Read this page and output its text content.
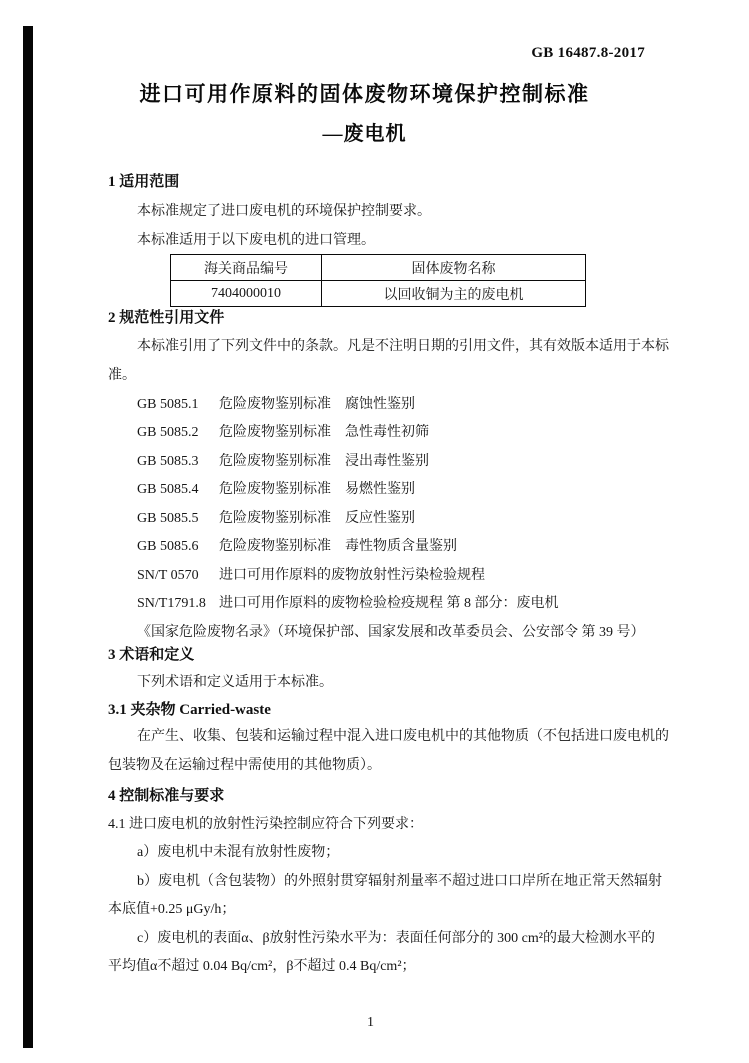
GB 16487.8-2017
进口可用作原料的固体废物环境保护控制标准
—废电机
1 适用范围
本标准规定了进口废电机的环境保护控制要求。
本标准适用于以下废电机的进口管理。
海关商品编号	固体废物名称
7404000010	以回收铜为主的废电机
2 规范性引用文件
本标准引用了下列文件中的条款。凡是不注明日期的引用文件，其有效版本适用于本标
准。
GB 5085.1	危险废物鉴别标准　腐蚀性鉴别
GB 5085.2	危险废物鉴别标准　急性毒性初筛
GB 5085.3	危险废物鉴别标准　浸出毒性鉴别
GB 5085.4	危险废物鉴别标准　易燃性鉴别
GB 5085.5	危险废物鉴别标准　反应性鉴别
GB 5085.6	危险废物鉴别标准　毒性物质含量鉴别
SN/T 0570	进口可用作原料的废物放射性污染检验规程
SN/T1791.8 进口可用作原料的废物检验检疫规程 第 8 部分：废电机
《国家危险废物名录》（环境保护部、国家发展和改革委员会、公安部令 第 39 号）
3 术语和定义
下列术语和定义适用于本标准。
3.1 夹杂物 Carried-waste
在产生、收集、包装和运输过程中混入进口废电机中的其他物质（不包括进口废电机的
包装物及在运输过程中需使用的其他物质）。
4 控制标准与要求
4.1 进口废电机的放射性污染控制应符合下列要求：
a）废电机中未混有放射性废物；
b）废电机（含包装物）的外照射贯穿辐射剂量率不超过进口口岸所在地正常天然辐射
本底值+0.25 μGy/h；
c）废电机的表面α、β放射性污染水平为：表面任何部分的 300 cm²的最大检测水平的
平均值α不超过 0.04 Bq/cm²，β不超过 0.4 Bq/cm²；
1
